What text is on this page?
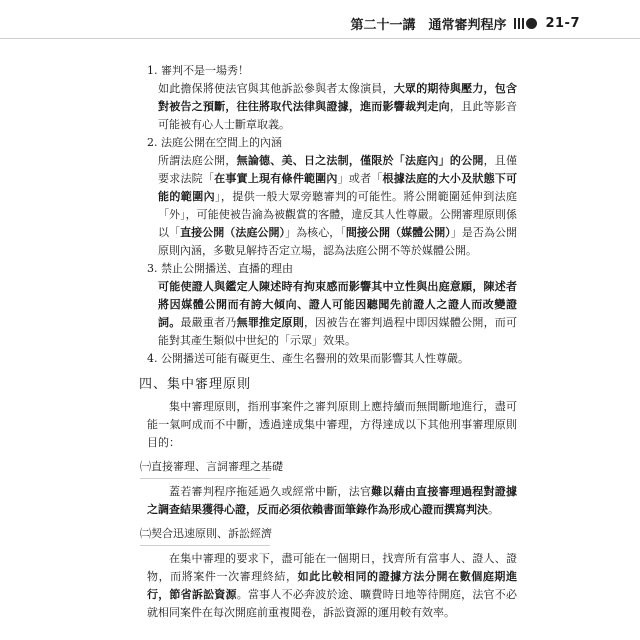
第二十一講　通常審判程序	21-7

1. 審判不是一場秀！

如此擔保將使法官與其他訴訟參與者太像演員，大眾的期待與壓力，包含對被告之預斷，往往將取代法律與證據，進而影響裁判走向，且此等影音可能被有心人士斷章取義。

2. 法庭公開在空間上的內涵

所謂法庭公開，無論德、美、日之法制，僅限於「法庭內」的公開，且僅要求法院「在事實上現有條件範圍內」或者「根據法庭的大小及狀態下可能的範圍內」，提供一般大眾旁聽審判的可能性。將公開範圍延伸到法庭「外」，可能使被告淪為被觀賞的客體，違反其人性尊嚴。公開審理原則係以「直接公開（法庭公開）」為核心，「間接公開（媒體公開）」是否為公開原則內涵，多數見解持否定立場，認為法庭公開不等於媒體公開。

3. 禁止公開播送、直播的理由

可能使證人與鑑定人陳述時有拘束感而影響其中立性與出庭意願，陳述者將因媒體公開而有誇大傾向、證人可能因聽聞先前證人之證人而改變證詞。最嚴重者乃無罪推定原則，因被告在審判過程中即因媒體公開，而可能對其產生類似中世紀的「示眾」效果。

4. 公開播送可能有礙更生、產生名譽刑的效果而影響其人性尊嚴。

四、集中審理原則

集中審理原則，指刑事案件之審判原則上應持續而無間斷地進行，盡可能一氣呵成而不中斷，透過達成集中審理，方得達成以下其他刑事審理原則目的：

㈠直接審理、言詞審理之基礎

蓋若審判程序拖延過久或經常中斷，法官難以藉由直接審理過程對證據之調查結果獲得心證，反而必須依賴書面筆錄作為形成心證而撰寫判決。

㈡契合迅速原則、訴訟經濟

在集中審理的要求下，盡可能在一個期日，找齊所有當事人、證人、證物，而將案件一次審理終結，如此比較相同的證據方法分開在數個庭期進行，節省訴訟資源。當事人不必奔波於途、曠費時日地等待開庭，法官不必就相同案件在每次開庭前重複閱卷，訴訟資源的運用較有效率。
